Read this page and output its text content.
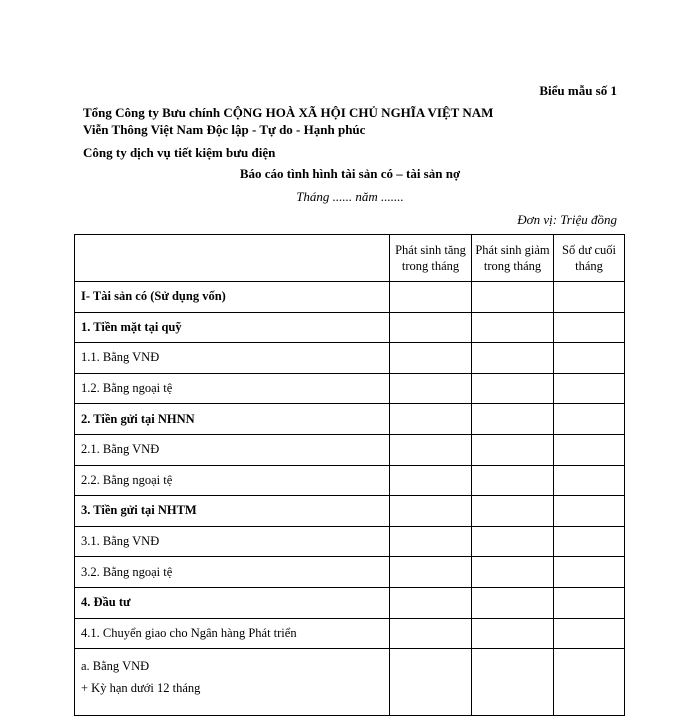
Biểu mẫu số 1
Tổng Công ty Bưu chính CỘNG HOÀ XÃ HỘI CHỦ NGHĨA VIỆT NAM
Viễn Thông Việt Nam Độc lập - Tự do - Hạnh phúc
Công ty dịch vụ tiết kiệm bưu điện
Báo cáo tình hình tài sản có – tài sản nợ
Tháng ...... năm .......
Đơn vị: Triệu đồng
	Phát sinh tăng trong tháng	Phát sinh giảm trong tháng	Số dư cuối tháng
I- Tài sản có (Sử dụng vốn)			
1. Tiền mặt tại quỹ			
1.1. Bằng VNĐ			
1.2. Bằng ngoại tệ			
2. Tiền gửi tại NHNN			
2.1. Bằng VNĐ			
2.2. Bằng ngoại tệ			
3. Tiền gửi tại NHTM			
3.1. Bằng VNĐ			
3.2. Bằng ngoại tệ			
4. Đầu tư			
4.1. Chuyển giao cho Ngân hàng Phát triển			

a. Bằng VNĐ
+ Kỳ hạn dưới 12 tháng			
